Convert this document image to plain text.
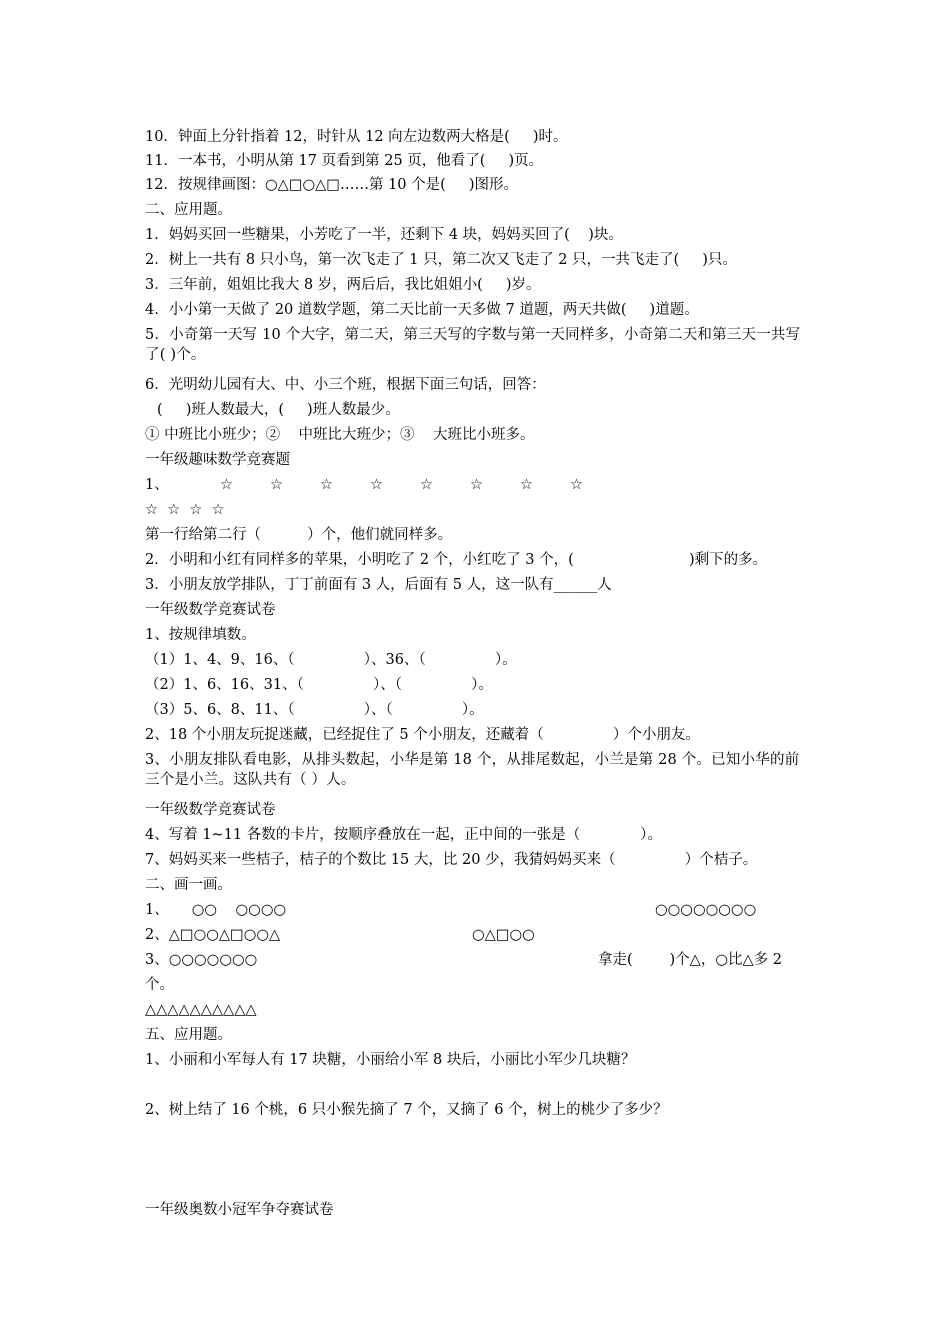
10．钟面上分针指着 12，时针从 12 向左边数两大格是(     )时。
11．一本书，小明从第 17 页看到第 25 页，他看了(     )页。
12．按规律画图：○△□○△□……第 10 个是(     )图形。
二、应用题。
1．妈妈买回一些糖果，小芳吃了一半，还剩下 4 块，妈妈买回了(    )块。
2．树上一共有 8 只小鸟，第一次飞走了 1 只，第二次又飞走了 2 只，一共飞走了(     )只。
3．三年前，姐姐比我大 8 岁，两后后，我比姐姐小(     )岁。
4．小小第一天做了 20 道数学题，第二天比前一天多做 7 道题，两天共做(     )道题。
5．小奇第一天写 10 个大字，第二天，第三天写的字数与第一天同样多，小奇第二天和第三天一共写了( )个。
6．光明幼儿园有大、中、小三个班，根据下面三句话，回答：
(     )班人数最大，(     )班人数最少。
① 中班比小班少；②    中班比大班少；③    大班比小班多。
一年级趣味数学竞赛题

1、

	☆

	☆

	☆

	☆

	☆

	☆

	☆

	☆

☆  ☆  ☆  ☆
第一行给第二行（          ）个，他们就同样多。
2．小明和小红有同样多的苹果，小明吃了 2 个，小红吃了 3 个，(                         )剩下的多。
3．小朋友放学排队，丁丁前面有 3 人，后面有 5 人，这一队有______人
一年级数学竞赛试卷
1、按规律填数。
（1）1、4、9、16、（               ）、36、（               ）。
（2）1、6、16、31、（               ）、（               ）。
（3）5、6、8、11、（               ）、（               ）。
2、18 个小朋友玩捉迷藏，已经捉住了 5 个小朋友，还藏着（               ）个小朋友。
3、小朋友排队看电影，从排头数起，小华是第 18 个，从排尾数起，小兰是第 28 个。已知小华的前三个是小兰。这队共有（ ）人。
一年级数学竞赛试卷
4、写着 1~11 各数的卡片，按顺序叠放在一起，正中间的一张是（             ）。
7、妈妈买来一些桔子，桔子的个数比 15 大，比 20 少，我猜妈妈买来（               ）个桔子。
二、画一画。
1、     ○○    ○○○○	○○○○○○○○
2、△□○○△□○○△	○△□○○
3、○○○○○○○	拿走(        )个△，○比△多 2
个。
△△△△△△△△△△
五、应用题。
1、小丽和小军每人有 17 块糖，小丽给小军 8 块后，小丽比小军少几块糖？
2、树上结了 16 个桃，6 只小猴先摘了 7 个，又摘了 6 个，树上的桃少了多少？
一年级奥数小冠军争夺赛试卷
